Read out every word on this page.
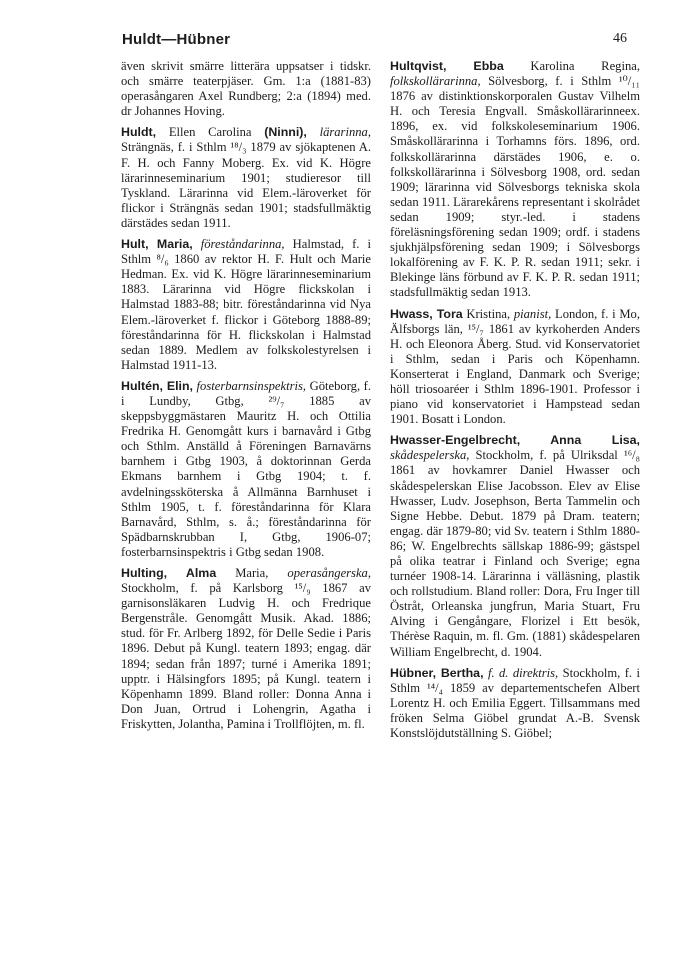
Huldt—Hübner	46

även skrivit smärre litterära uppsatser i tidskr. och smärre teaterpjäser. Gm. 1:a (1881-83) operasångaren Axel Rundberg; 2:a (1894) med. dr Johannes Hoving.

Huldt, Ellen Carolina (Ninni), lärarinna, Strängnäs, f. i Sthlm ¹⁸/₃ 1879 av sjökaptenen A. F. H. och Fanny Moberg. Ex. vid K. Högre lärarinneseminarium 1901; studieresor till Tyskland. Lärarinna vid Elem.-läroverket för flickor i Strängnäs sedan 1901; stadsfullmäktig därstädes sedan 1911.

Hult, Maria, föreståndarinna, Halmstad, f. i Sthlm ⁸/₆ 1860 av rektor H. F. Hult och Marie Hedman. Ex. vid K. Högre lärarinneseminarium 1883. Lärarinna vid Högre flickskolan i Halmstad 1883-88; bitr. föreståndarinna vid Nya Elem.-läroverket f. flickor i Göteborg 1888-89; föreståndarinna för H. flickskolan i Halmstad sedan 1889. Medlem av folkskolestyrelsen i Halmstad 1911-13.

Hultén, Elin, fosterbarnsinspektris, Göteborg, f. i Lundby, Gtbg, ²⁹/₇ 1885 av skeppsbyggmästaren Mauritz H. och Ottilia Fredrika H. Genomgått kurs i barnavård i Gtbg och Sthlm. Anställd å Föreningen Barnavärns barnhem i Gtbg 1903, å doktorinnan Gerda Ekmans barnhem i Gtbg 1904; t. f. avdelningssköterska å Allmänna Barnhuset i Sthlm 1905, t. f. föreståndarinna för Klara Barnavård, Sthlm, s. å.; föreståndarinna för Spädbarnskrubban I, Gtbg, 1906-07; fosterbarnsinspektris i Gtbg sedan 1908.

Hulting, Alma Maria, operasångerska, Stockholm, f. på Karlsborg ¹⁵/₉ 1867 av garnisonsläkaren Ludvig H. och Fredrique Bergenstråle. Genomgått Musik. Akad. 1886; stud. för Fr. Arlberg 1892, för Delle Sedie i Paris 1896. Debut på Kungl. teatern 1893; engag. där 1894; sedan från 1897; turné i Amerika 1891; upptr. i Hälsingfors 1895; på Kungl. teatern i Köpenhamn 1899. Bland roller: Donna Anna i Don Juan, Ortrud i Lohengrin, Agatha i Friskytten, Jolantha, Pamina i Trollflöjten, m. fl.

Hultqvist, Ebba Karolina Regina, folkskollärarinna, Sölvesborg, f. i Sthlm ¹⁰/₁₁ 1876 av distinktionskorporalen Gustav Vilhelm H. och Teresia Engvall. Småskollärarinneex. 1896, ex. vid folkskoleseminarium 1906. Småskollärarinna i Torhamns förs. 1896, ord. folkskollärarinna därstädes 1906, e. o. folkskollärarinna i Sölvesborg 1908, ord. sedan 1909; lärarinna vid Sölvesborgs tekniska skola sedan 1911. Lärarekårens representant i skolrådet sedan 1909; styr.-led. i stadens föreläsningsförening sedan 1909; ordf. i stadens sjukhjälpsförening sedan 1909; i Sölvesborgs lokalförening av F. K. P. R. sedan 1911; sekr. i Blekinge läns förbund av F. K. P. R. sedan 1911; stadsfullmäktig sedan 1913.

Hwass, Tora Kristina, pianist, London, f. i Mo, Älfsborgs län, ¹⁵/₇ 1861 av kyrkoherden Anders H. och Eleonora Åberg. Stud. vid Konservatoriet i Sthlm, sedan i Paris och Köpenhamn. Konserterat i England, Danmark och Sverige; höll triosoaréer i Sthlm 1896-1901. Professor i piano vid konservatoriet i Hampstead sedan 1901. Bosatt i London.

Hwasser-Engelbrecht, Anna Lisa, skådespelerska, Stockholm, f. på Ulriksdal ¹⁶/₈ 1861 av hovkamrer Daniel Hwasser och skådespelerskan Elise Jacobsson. Elev av Elise Hwasser, Ludv. Josephson, Berta Tammelin och Signe Hebbe. Debut. 1879 på Dram. teatern; engag. där 1879-80; vid Sv. teatern i Sthlm 1880-86; W. Engelbrechts sällskap 1886-99; gästspel på olika teatrar i Finland och Sverige; egna turnéer 1908-14. Lärarinna i välläsning, plastik och rollstudium. Bland roller: Dora, Fru Inger till Östråt, Orleanska jungfrun, Maria Stuart, Fru Alving i Gengångare, Florizel i Ett besök, Thérèse Raquin, m. fl. Gm. (1881) skådespelaren William Engelbrecht, d. 1904.

Hübner, Bertha, f. d. direktris, Stockholm, f. i Sthlm ¹⁴/₄ 1859 av departementschefen Albert Lorentz H. och Emilia Eggert. Tillsammans med fröken Selma Giöbel grundat A.-B. Svensk Konstslöjdutställning S. Giöbel;
